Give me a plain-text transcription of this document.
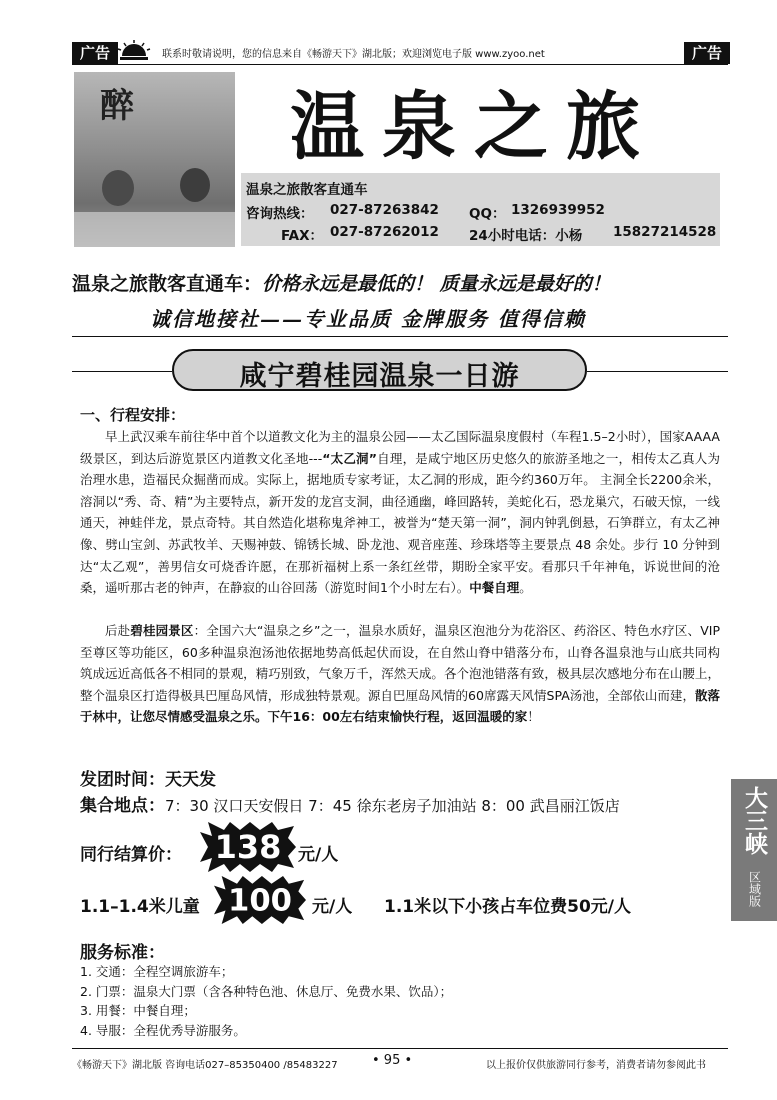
广告	联系时敬请说明，您的信息来自《畅游天下》湖北版；欢迎浏览电子版 www.zyoo.net	广告
醉 温泉之旅
温泉之旅散客直通车
咨询热线： 027-87263842 QQ： 1326939952
FAX： 027-87262012 24小时电话：小杨 15827214528
温泉之旅散客直通车：价格永远是最低的！ 质量永远是最好的！
诚信地接社——专业品质 金牌服务 值得信赖
咸宁碧桂园温泉一日游
一、行程安排：
早上武汉乘车前往华中首个以道教文化为主的温泉公园——太乙国际温泉度假村（车程1.5–2小时），国家AAAA级景区，到达后游览景区内道教文化圣地---“太乙洞”自理，是咸宁地区历史悠久的旅游圣地之一，相传太乙真人为治理水患，造福民众掘凿而成。实际上，据地质专家考证，太乙洞的形成，距今约360万年。 主洞全长2200余米，溶洞以“秀、奇、精”为主要特点，新开发的龙宫支洞，曲径通幽，峰回路转，美蛇化石，恐龙巢穴，石破天惊，一线通天，神蛙伴龙，景点奇特。其自然造化堪称鬼斧神工，被誉为“楚天第一洞”，洞内钟乳倒悬，石笋群立，有太乙神像、劈山宝剑、苏武牧羊、天赐神鼓、锦锈长城、卧龙池、观音座莲、珍珠塔等主要景点 48 余处。步行 10 分钟到达“太乙观”，善男信女可烧香许愿，在那祈福树上系一条红丝带，期盼全家平安。看那只千年神龟，诉说世间的沧桑，遥听那古老的钟声，在静寂的山谷回荡（游览时间1个小时左右）。中餐自理。
后赴碧桂园景区：全国六大“温泉之乡”之一，温泉水质好，温泉区泡池分为花浴区、药浴区、特色水疗区、VIP至尊区等功能区，60多种温泉泡汤池依据地势高低起伏而设，在自然山脊中错落分布，山脊各温泉池与山底共同构筑成远近高低各不相同的景观，精巧别致，气象万千，浑然天成。各个泡池错落有致，极具层次感地分布在山腰上，整个温泉区打造得极具巴厘岛风情，形成独特景观。源自巴厘岛风情的60席露天风情SPA汤池，全部依山而建，散落于林中，让您尽情感受温泉之乐。下午16：00左右结束愉快行程，返回温暖的家！
发团时间：天天发
集合地点：7：30 汉口天安假日 7：45 徐东老房子加油站 8：00 武昌丽江饭店
同行结算价： 138 元/人
1.1–1.4米儿童 100 元/人 1.1米以下小孩占车位费50元/人
服务标准：
1. 交通：全程空调旅游车；
2. 门票：温泉大门票（含各种特色池、休息厅、免费水果、饮品）；
3. 用餐：中餐自理；
4. 导服：全程优秀导游服务。
大三峡
区域版
《畅游天下》湖北版 咨询电话027–85350400 /85483227	• 95 •	以上报价仅供旅游同行参考，消费者请勿参阅此书
